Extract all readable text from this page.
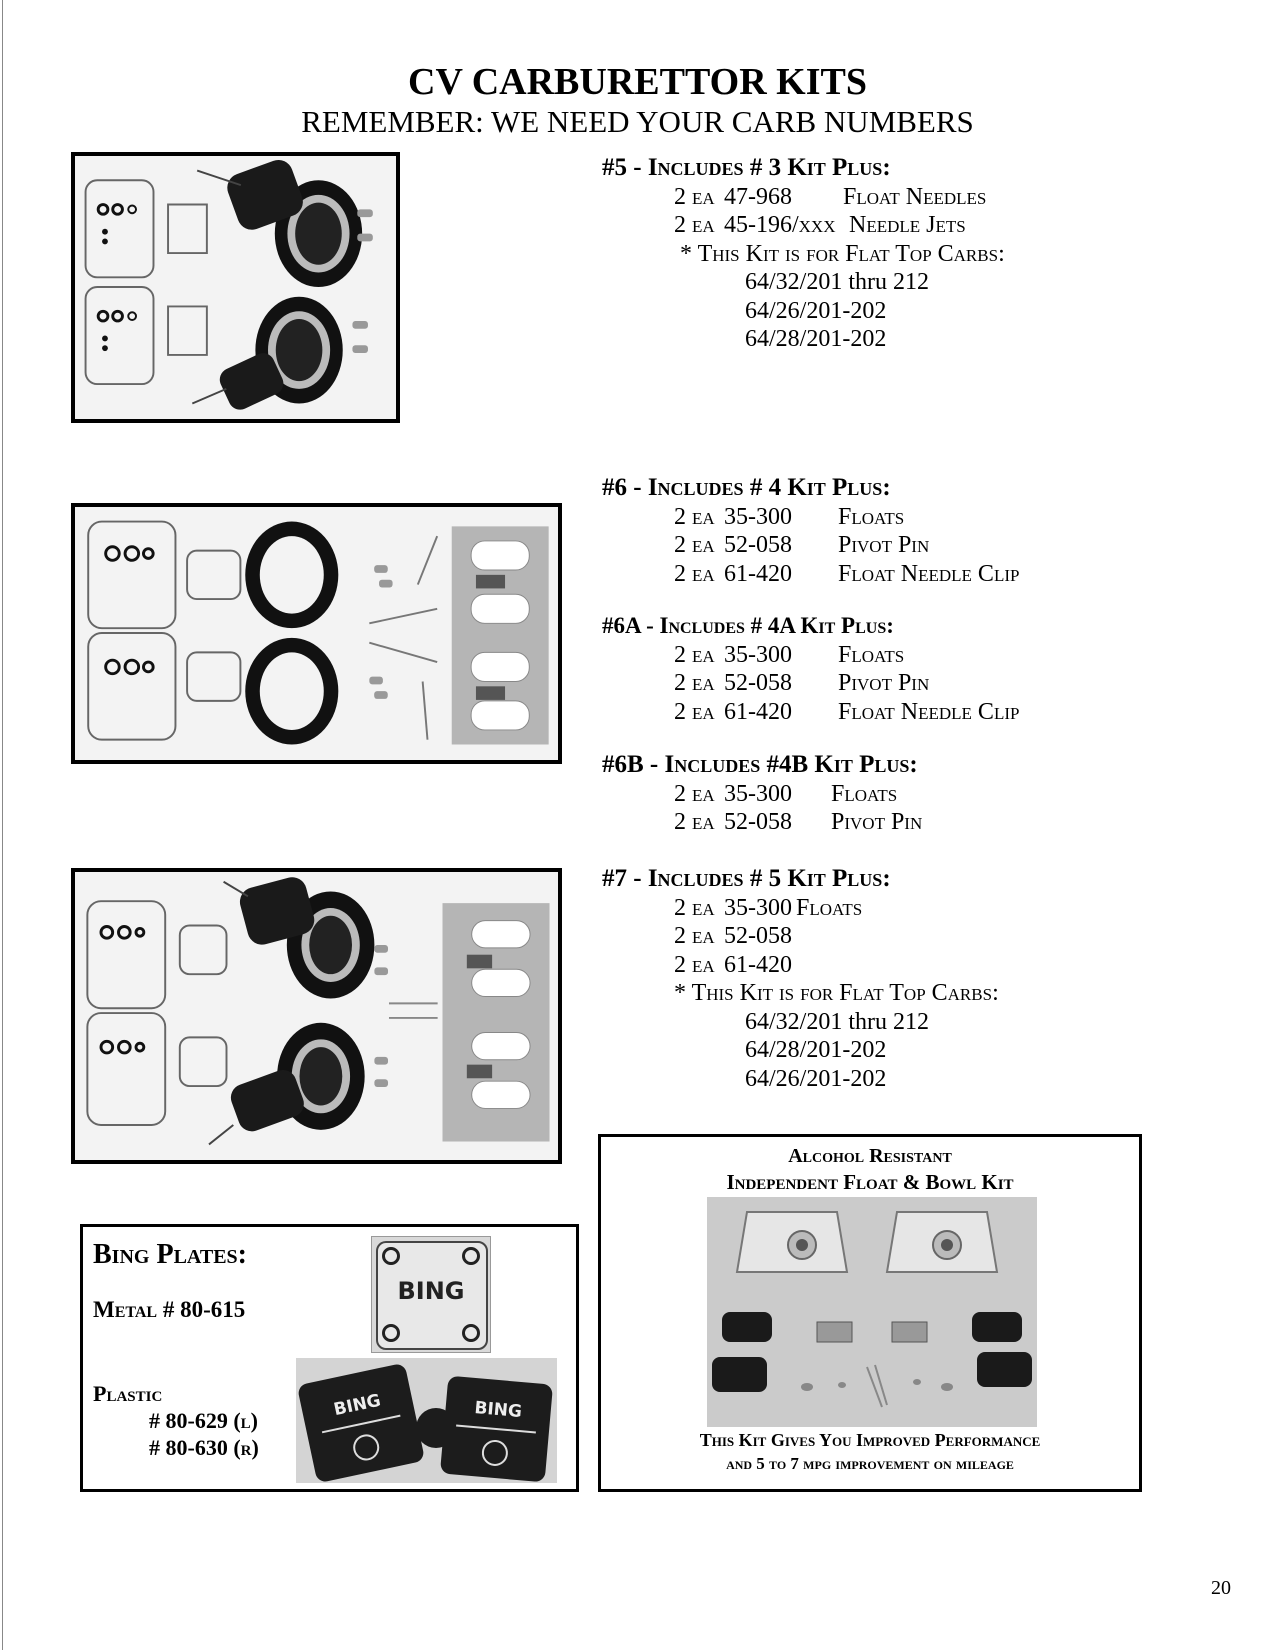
CV CARBURETTOR KITS
REMEMBER: WE NEED YOUR CARB NUMBERS
#5 - Includes # 3 Kit Plus:
2 ea 47-968 Float Needles
2 ea 45-196/xxx Needle Jets
* This Kit is for Flat Top Carbs:
64/32/201 thru 212
64/26/201-202
64/28/201-202
#6 - Includes # 4 Kit Plus:
2 ea 35-300 Floats
2 ea 52-058 Pivot Pin
2 ea 61-420 Float Needle Clip
#6A - Includes # 4A Kit Plus:
2 ea 35-300 Floats
2 ea 52-058 Pivot Pin
2 ea 61-420 Float Needle Clip
#6B - Includes #4B Kit Plus:
2 ea 35-300 Floats
2 ea 52-058 Pivot Pin
#7 - Includes # 5 Kit Plus:
2 ea 35-300 Floats
2 ea 52-058
2 ea 61-420
* This Kit is for Flat Top Carbs:
64/32/201 thru 212
64/28/201-202
64/26/201-202
Bing Plates:
Metal # 80-615
Plastic
# 80-629 (l)
# 80-630 (r)
BING
BING	BING
Alcohol Resistant
Independent Float & Bowl Kit
This Kit Gives You Improved Performance
and 5 to 7 mpg improvement on mileage
20
